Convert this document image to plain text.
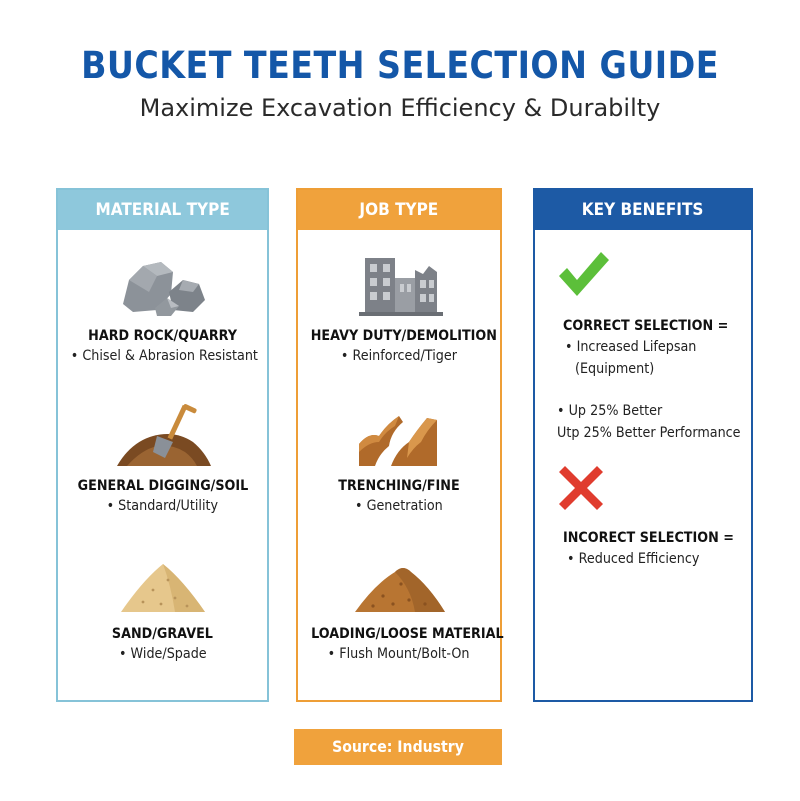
BUCKET TEETH SELECTION GUIDE
Maximize Excavation Efficiency & Durabilty
MATERIAL TYPE
HARD ROCK/QUARRY
• Chisel & Abrasion Resistant
GENERAL DIGGING/SOIL
• Standard/Utility
SAND/GRAVEL
• Wide/Spade
JOB TYPE
HEAVY DUTY/DEMOLITION
• Reinforced/Tiger
TRENCHING/FINE
• Genetration
LOADING/LOOSE MATERIAL
• Flush Mount/Bolt-On
KEY BENEFITS
CORRECT SELECTION =
• Increased Lifepsan
(Equipment)
• Up 25% Better
Utp 25% Better Performance
INCORECT SELECTION =
• Reduced Efficiency
Source: Industry Reports
